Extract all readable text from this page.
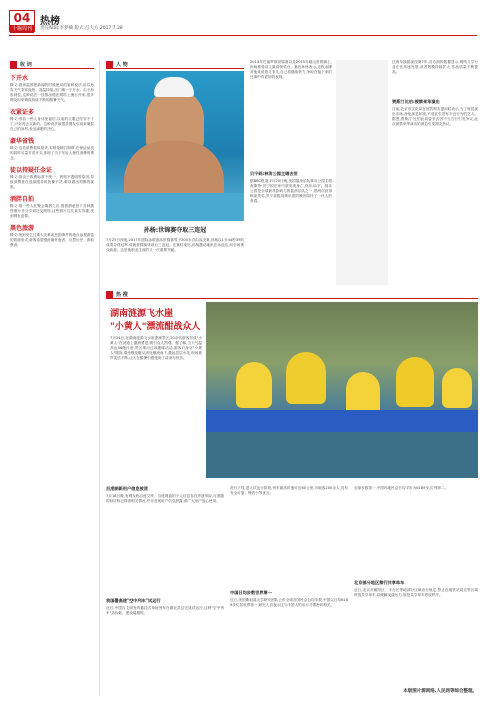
04
十堰周刊
热榜
责任编辑:李梦楠 版式:吕大方 2017.7.28
收 词
下开水
释义:指高温预报新闻的时候使用的某种说法,用以形容天气非常炎热、高温持续,出门像一下开水。由于形容到位,这种说法一经推出便在网络上流行开来,很多网友用来调侃持续不断的酷暑天气。
衣紧证多
释义:形容一些人身体发福后,以前的衣服已经穿不下了,只好再去买新的。这种说法被很多网友引用来调侃自己的身材,表达减肥的决心。
豪华省钱
释义:这类消费看似豪华,实则是精打细算,在保证品质的同时尽量节省开支,体现了当下年轻人理性消费的观念。
徒以持疑任金证
释义:指由于收费标准不统一、规则不透明等原因,导致消费者在选择服务时犹豫不决,难以做出判断的现象。
酒胖自拍
释义:指一些人在聚会喝酒之后,借着酒意拍下各种搞怪照片并分享到社交网络,这些照片往往真实有趣,受到网友追捧。
黑色旅游
释义:指到发生过重大灾难或悲剧事件的地点参观游览的旅游形式,游客希望借此缅怀逝者、反思历史、汲取教训。
人 物
孙杨:世锦赛夺取三连冠
7月25日深夜,2017年国际泳联游泳世锦赛男子200米自由泳决赛,孙杨以1分44秒39的成绩夺得冠军,成就世锦赛该项目三连冠。比赛结束后,孙杨激动地趴在泳池边,向全场观众致意。这是他职业生涯的又一次重要突破。
2013年巴塞罗那世锦赛以及2015年喀山世锦赛上,孙杨都曾站上最高领奖台。赛后孙杨表示,这枚金牌对他来说意义非凡,自己将继续努力,争取在接下来的比赛中有更好的表现。
贝宁码:林肯公园主唱去世
据BBC报道,7月20日晚,美国摇滚乐队林肯公园主唱查斯特·贝宁顿在家中被发现身亡,终年41岁。林肯公园是全球最具影响力的摇滚乐队之一,曾两次获得格莱美奖,贝宁顿极具辨识度的嗓音陪伴了一代人的青春。
过两年换届续任第7年,各方面的数据显示,网络文学行业正在高速发展,读者规模持续扩大,作品质量不断提高。
贾斯汀比伯:被禁来华演出
日前,北京市文化局在回答网友提问时表示,为了规范演出市场,净化演艺环境,不适宜引进有不良行为的艺人。据悉,贾斯汀·比伯此前曾多次因不当言行引发争议,此次被禁来华演出的消息引发网友热议。
热 搜
湖南涟源飞水崖
"小黄人"漂流酣战众人
7月24日,在湖南涟源飞水崖漂流景区,20余名游客扮成"小黄人"在河道上激流勇进,吸引众人围观。据了解,当天气温高达36摄氏度,景区推出这项趣味活动,游客们身穿"小黄人"服饰,乘坐橡皮艇从高处顺流而下,激起层层水花,现场欢声笑语不断,让人在酷暑中感受到了清凉与快乐。
百度刷新用户信息被泄
7月18日晚,有网友称百度文库、百度网盘的个人信息存在外泄风险,百度随即回应称已排查相关情况,并未发现用户信息泄露,请广大用户放心使用。
我国暑高速"空中列车"试运行
近日,中国自主研发的悬挂式单轨列车在湖北武汉完成试运行,这种"空中列车"造价低、建设周期短。
进行下线,进入试运行阶段,列车最高时速可达60公里,可载客200余人,具有安全可靠、噪音小等优点。
中国日均步数世界第一
近日,美国斯坦福大学研究团队公布全球各国民众日均步数,中国以日均6189步位居世界第一,研究人员表示这与中国人的出行习惯密切相关。
全球步数第一,中国内地民众日均平步为6189步,位列第二。
北京部分地区禁行共享单车
近日,北京市朝阳区、丰台区等地部分区域出台规定,禁止在地铁站周边等区域停放共享单车,以缓解交通压力,规范共享单车停放秩序。
本版图片源网络,人民网等综合整理。
